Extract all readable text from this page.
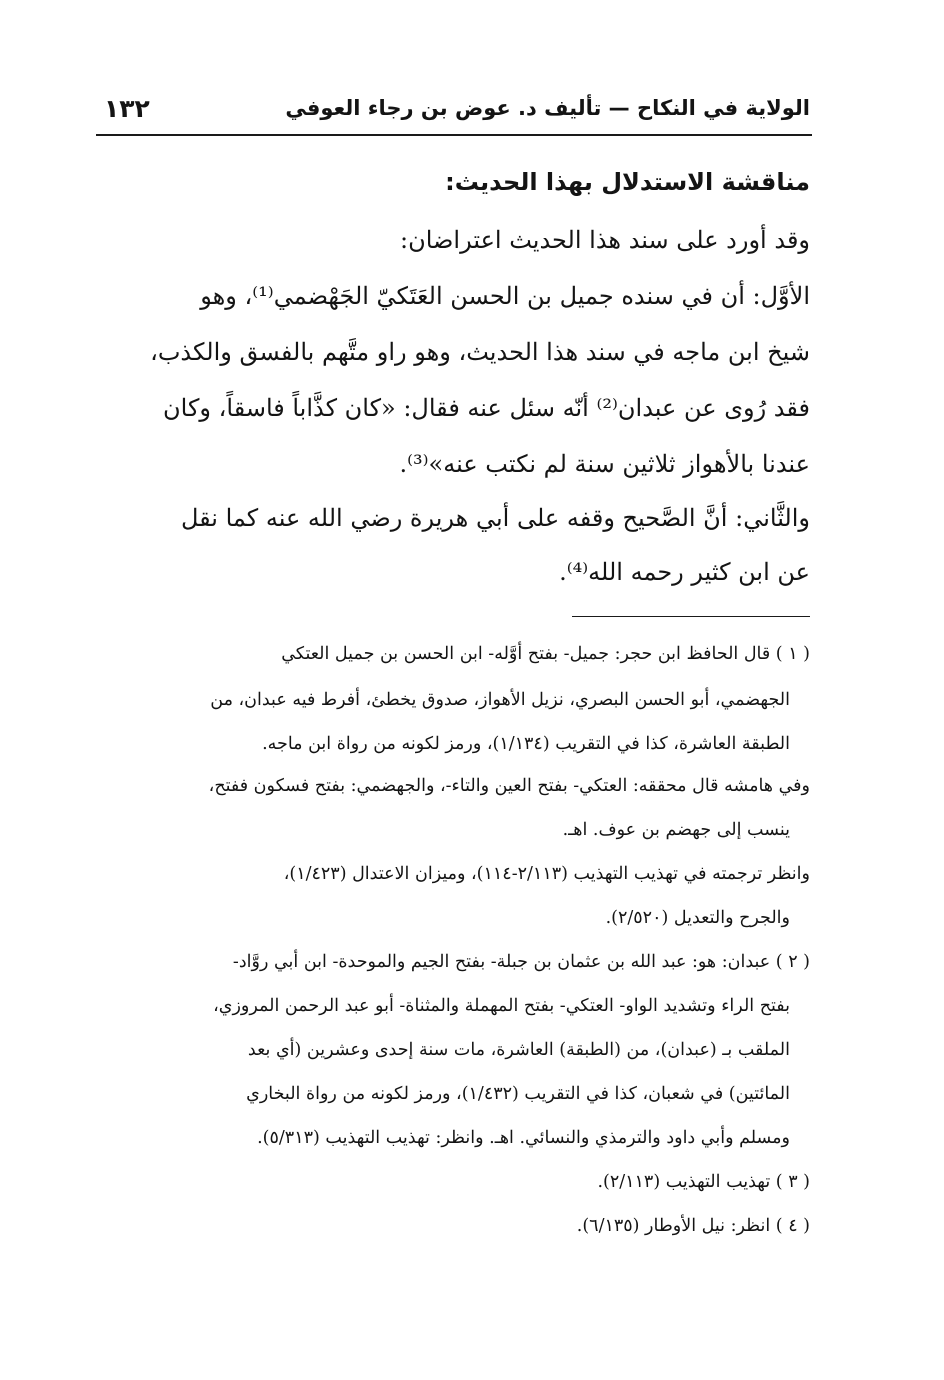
الولاية في النكاح — تأليف د. عوض بن رجاء العوفي
١٣٢
مناقشة الاستدلال بهذا الحديث:
وقد أورد على سند هذا الحديث اعتراضان:
الأوَّل: أن في سنده جميل بن الحسن العَتَكيّ الجَهْضمي⁽¹⁾، وهو
شيخ ابن ماجه في سند هذا الحديث، وهو راو متَّهم بالفسق والكذب،
فقد رُوى عن عبدان⁽²⁾ أنّه سئل عنه فقال: «كان كذَّاباً فاسقاً، وكان
عندنا بالأهواز ثلاثين سنة لم نكتب عنه»⁽³⁾.
والثَّاني: أنَّ الصَّحيح وقفه على أبي هريرة رضي الله عنه كما نقل
عن ابن كثير رحمه الله⁽⁴⁾.
( ١ ) قال الحافظ ابن حجر: جميل- بفتح أوَّله- ابن الحسن بن جميل العتكي
الجهضمي، أبو الحسن البصري، نزيل الأهواز، صدوق يخطئ، أفرط فيه عبدان، من
الطبقة العاشرة، كذا في التقريب (١/١٣٤)، ورمز لكونه من رواة ابن ماجه.
وفي هامشه قال محققه: العتكي- بفتح العين والتاء-، والجهضمي: بفتح فسكون ففتح،
ينسب إلى جهضم بن عوف. اهـ.
وانظر ترجمته في تهذيب التهذيب (٢/١١٣-١١٤)، وميزان الاعتدال (١/٤٢٣)،
والجرح والتعديل (٢/٥٢٠).
( ٢ ) عبدان: هو: عبد الله بن عثمان بن جبلة- بفتح الجيم والموحدة- ابن أبي روَّاد-
بفتح الراء وتشديد الواو- العتكي- بفتح المهملة والمثناة- أبو عبد الرحمن المروزي،
الملقب بـ (عبدان)، من (الطبقة) العاشرة، مات سنة إحدى وعشرين (أي بعد
المائتين) في شعبان، كذا في التقريب (١/٤٣٢)، ورمز لكونه من رواة البخاري
ومسلم وأبي داود والترمذي والنسائي. اهـ. وانظر: تهذيب التهذيب (٥/٣١٣).
( ٣ ) تهذيب التهذيب (٢/١١٣).
( ٤ ) انظر: نيل الأوطار (٦/١٣٥).
